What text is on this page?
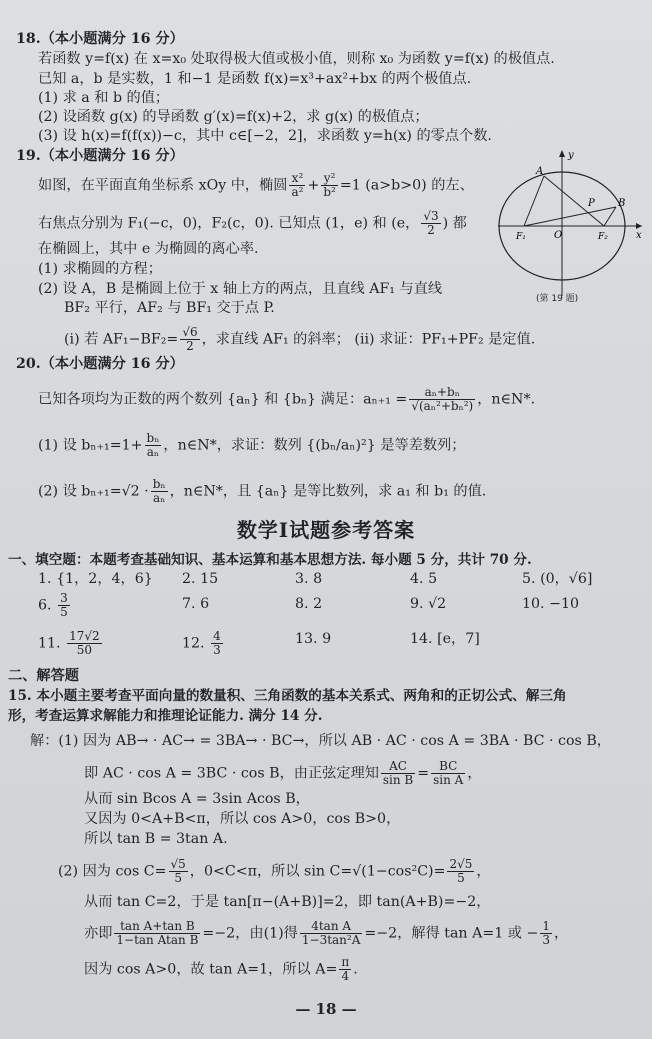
18.（本小题满分 16 分）
若函数 y=f(x) 在 x=x₀ 处取得极大值或极小值，则称 x₀ 为函数 y=f(x) 的极值点.
已知 a，b 是实数，1 和−1 是函数 f(x)=x³+ax²+bx 的两个极值点.
(1) 求 a 和 b 的值；
(2) 设函数 g(x) 的导函数 g′(x)=f(x)+2，求 g(x) 的极值点；
(3) 设 h(x)=f(f(x))−c，其中 c∈[−2，2]，求函数 y=h(x) 的零点个数.
19.（本小题满分 16 分）
如图，在平面直角坐标系 xOy 中，椭圆 $\frac{\text{x²}}{\text{a²}} + \frac{\text{y²}}{\text{b²}} =1$ (a>b>0) 的左、
右焦点分别为 F₁(−c，0)，F₂(c，0). 已知点 (1，e) 和 (e， $\frac{√3}{2}$ ) 都
在椭圆上，其中 e 为椭圆的离心率.
(1) 求椭圆的方程；
(2) 设 A，B 是椭圆上位于 x 轴上方的两点，且直线 AF₁ 与直线
BF₂ 平行，AF₂ 与 BF₁ 交于点 P.
(i) 若 $AF_1-BF_2= \frac{√6}{2}$ ，求直线 AF₁ 的斜率； (ii) 求证：PF₁+PF₂ 是定值.
y
x
A
B
P
O
F₁	F₂
(第 19 题)
20.（本小题满分 16 分）
已知各项均为正数的两个数列 {aₙ} 和 {bₙ} 满足：$a_{n+1} = \frac{\text{aₙ+bₙ}}{\text{√(aₙ²+bₙ²)}}$ ，n∈N*.
(1) 设 $b_{n+1}=1+ \frac{\text{bₙ}}{\text{aₙ}}$ ，n∈N*，求证：数列 {(bₙ/aₙ)²} 是等差数列；
(2) 设 $b_{n+1}=√2 \cdot \frac{\text{bₙ}}{\text{aₙ}}$ ，n∈N*，且 {aₙ} 是等比数列，求 a₁ 和 b₁ 的值.
数学Ⅰ试题参考答案
一、填空题：本题考查基础知识、基本运算和基本思想方法. 每小题 5 分，共计 70 分.
1. {1，2，4，6} 2. 15	3. 8	4. 5	5. (0，√6]
6. $\frac{3}{5}$	7. 6	8. 2	9. √2	10. −10
11. $\frac{17√2}{50}$	12. $\frac{4}{3}$	13. 9	14. [e，7]
二、解答题
15. 本小题主要考查平面向量的数量积、三角函数的基本关系式、两角和的正切公式、解三角
形，考查运算求解能力和推理论证能力. 满分 14 分.
解：(1) 因为 AB→ · AC→ = 3BA→ · BC→，所以 AB · AC · cos A = 3BA · BC · cos B，
即 AC · cos A = 3BC · cos B，由正弦定理知 $\frac{AC}{\text{sin B}} = \frac{BC}{\text{sin A}}$ ，
从而 sin Bcos A = 3sin Acos B，
又因为 0<A+B<π，所以 cos A>0，cos B>0，
所以 tan B = 3tan A.
(2) 因为 $\cos C= \frac{√5}{5}$ ，0<C<π，所以 $\sin C=√(1-\cos^2C)= \frac{2√5}{5}$ ，
从而 tan C=2，于是 tan[π−(A+B)]=2，即 tan(A+B)=−2，
亦即 $\frac{\text{tan A+tan B}}{\text{1−tan Atan B}} =-2$，由(1)得 $\frac{\text{4tan A}}{\text{1−3tan²A}} =-2$，解得 tan A=1 或 − $\frac{1}{3}$ ，
因为 cos A>0，故 tan A=1，所以 $A= \frac{\pi}{4}$ .
— 18 —
